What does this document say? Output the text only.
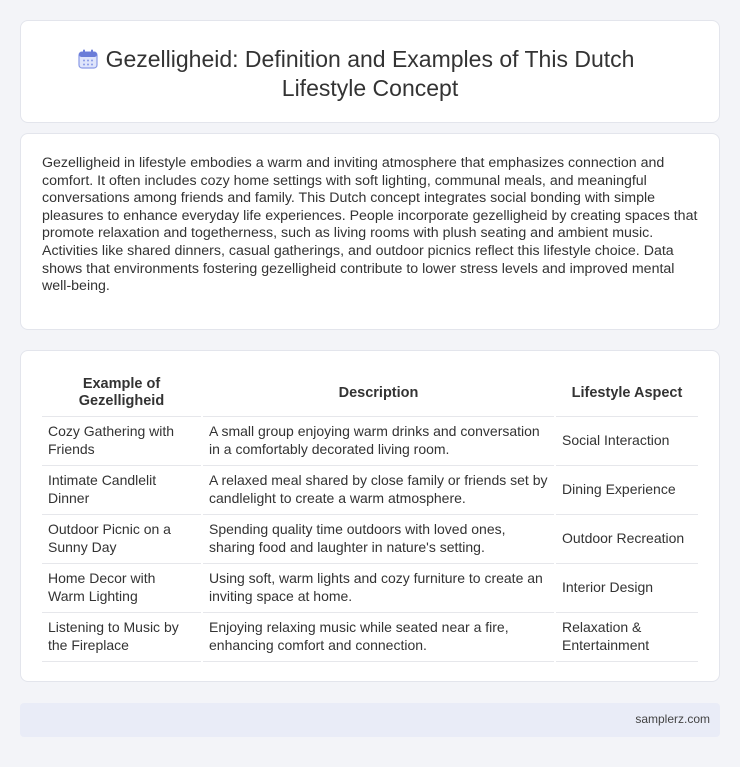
Gezelligheid: Definition and Examples of This Dutch
Lifestyle Concept

Gezelligheid in lifestyle embodies a warm and inviting atmosphere that emphasizes connection and comfort. It often includes cozy home settings with soft lighting, communal meals, and meaningful conversations among friends and family. This Dutch concept integrates social bonding with simple pleasures to enhance everyday life experiences. People incorporate gezelligheid by creating spaces that promote relaxation and togetherness, such as living rooms with plush seating and ambient music. Activities like shared dinners, casual gatherings, and outdoor picnics reflect this lifestyle choice. Data shows that environments fostering gezelligheid contribute to lower stress levels and improved mental well-being.

Example of Gezelligheid	Description	Lifestyle Aspect
Cozy Gathering with Friends	A small group enjoying warm drinks and conversation in a comfortably decorated living room.	Social Interaction
Intimate Candlelit Dinner	A relaxed meal shared by close family or friends set by candlelight to create a warm atmosphere.	Dining Experience
Outdoor Picnic on a Sunny Day	Spending quality time outdoors with loved ones, sharing food and laughter in nature's setting.	Outdoor Recreation
Home Decor with Warm Lighting	Using soft, warm lights and cozy furniture to create an inviting space at home.	Interior Design
Listening to Music by the Fireplace	Enjoying relaxing music while seated near a fire, enhancing comfort and connection.	Relaxation & Entertainment
samplerz.com
